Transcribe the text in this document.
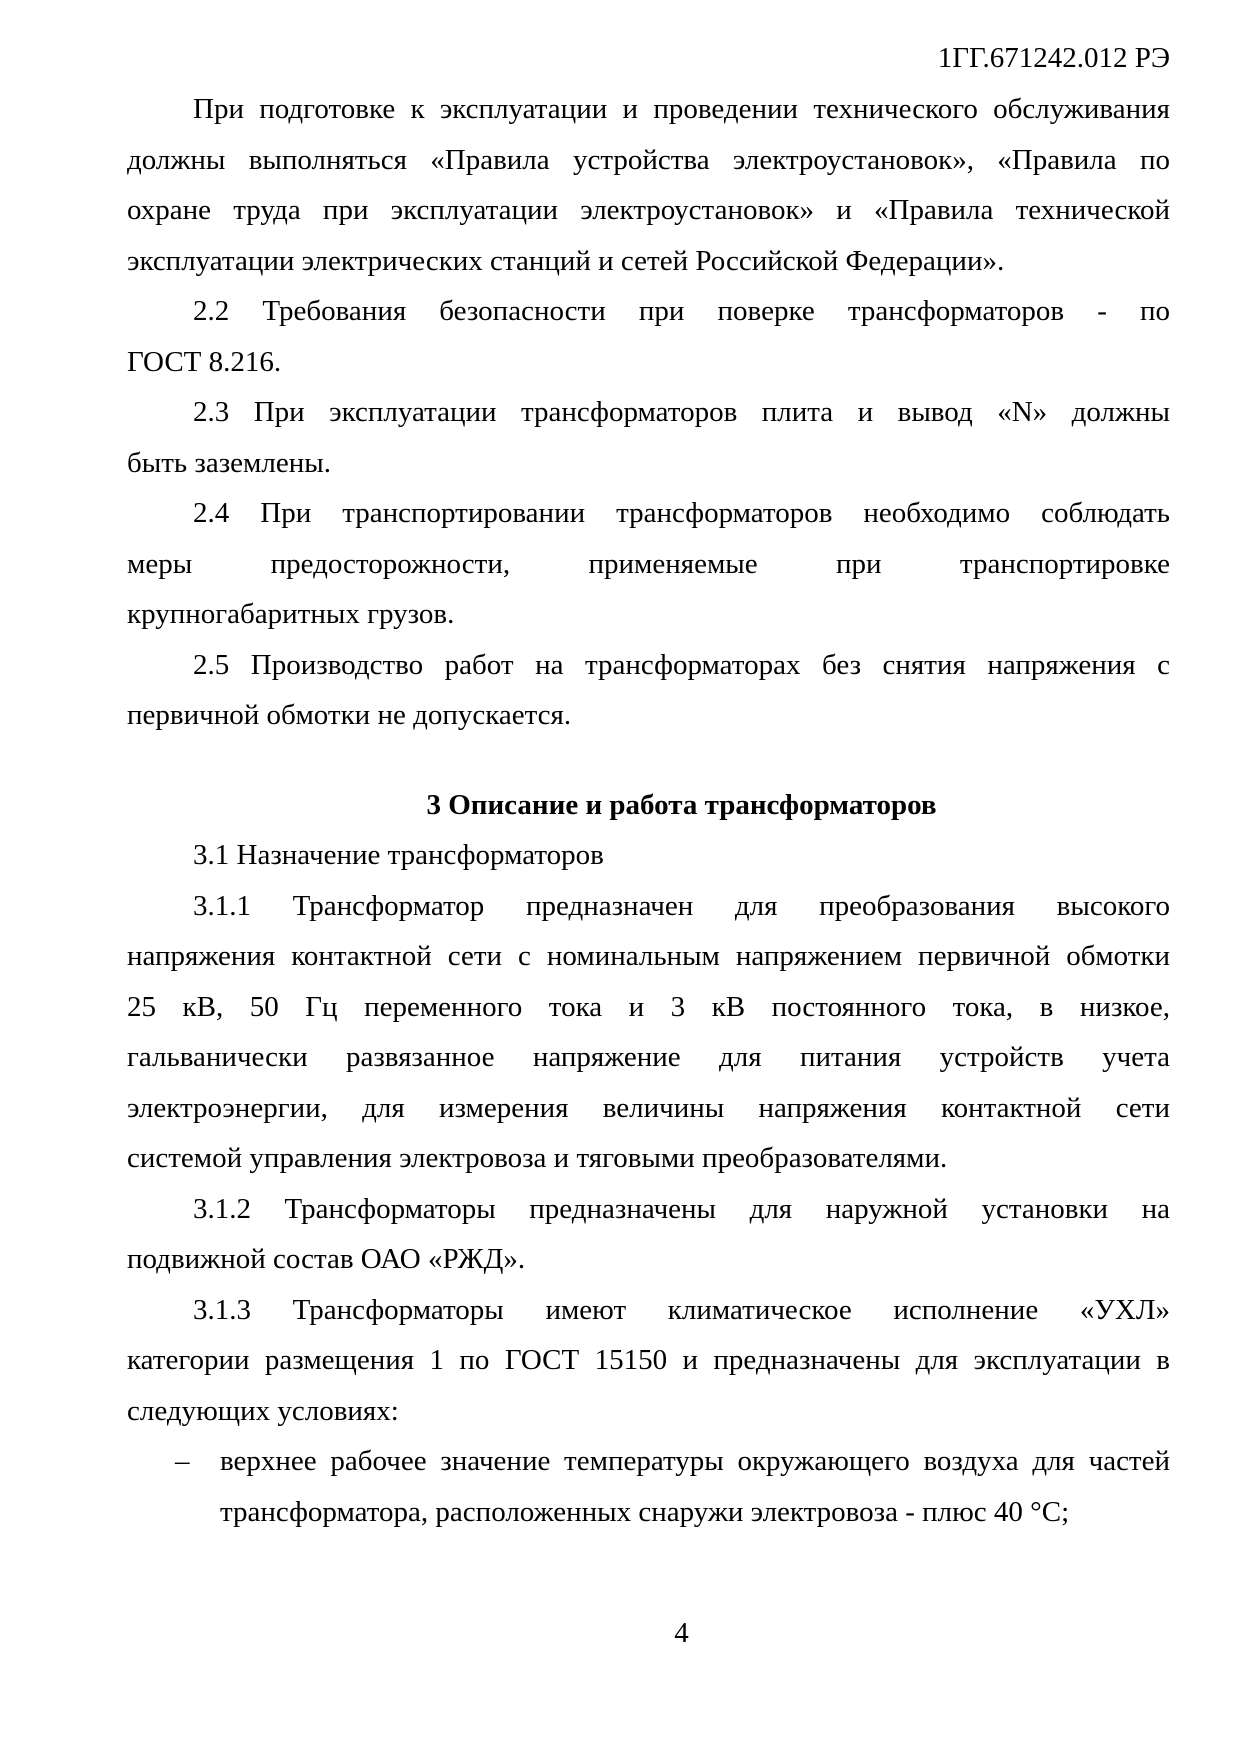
1ГГ.671242.012 РЭ
При подготовке к эксплуатации и проведении технического обслуживания
должны выполняться «Правила устройства электроустановок», «Правила по
охране труда при эксплуатации электроустановок» и «Правила технической
эксплуатации электрических станций и сетей Российской Федерации».
2.2 Требования безопасности при поверке трансформаторов - по
ГОСТ 8.216.
2.3 При эксплуатации трансформаторов плита и вывод «N» должны
быть заземлены.
2.4 При транспортировании трансформаторов необходимо соблюдать
меры предосторожности, применяемые при транспортировке
крупногабаритных грузов.
2.5 Производство работ на трансформаторах без снятия напряжения с
первичной обмотки не допускается.
3 Описание и работа трансформаторов
3.1 Назначение трансформаторов
3.1.1 Трансформатор предназначен для преобразования высокого
напряжения контактной сети с номинальным напряжением первичной обмотки
25 кВ, 50 Гц переменного тока и 3 кВ постоянного тока, в низкое,
гальванически развязанное напряжение для питания устройств учета
электроэнергии, для измерения величины напряжения контактной сети
системой управления электровоза и тяговыми преобразователями.
3.1.2 Трансформаторы предназначены для наружной установки на
подвижной состав ОАО «РЖД».
3.1.3 Трансформаторы имеют климатическое исполнение «УХЛ»
категории размещения 1 по ГОСТ 15150 и предназначены для эксплуатации в
следующих условиях:
– верхнее рабочее значение температуры окружающего воздуха для частей
трансформатора, расположенных снаружи электровоза - плюс 40 °С;
4
